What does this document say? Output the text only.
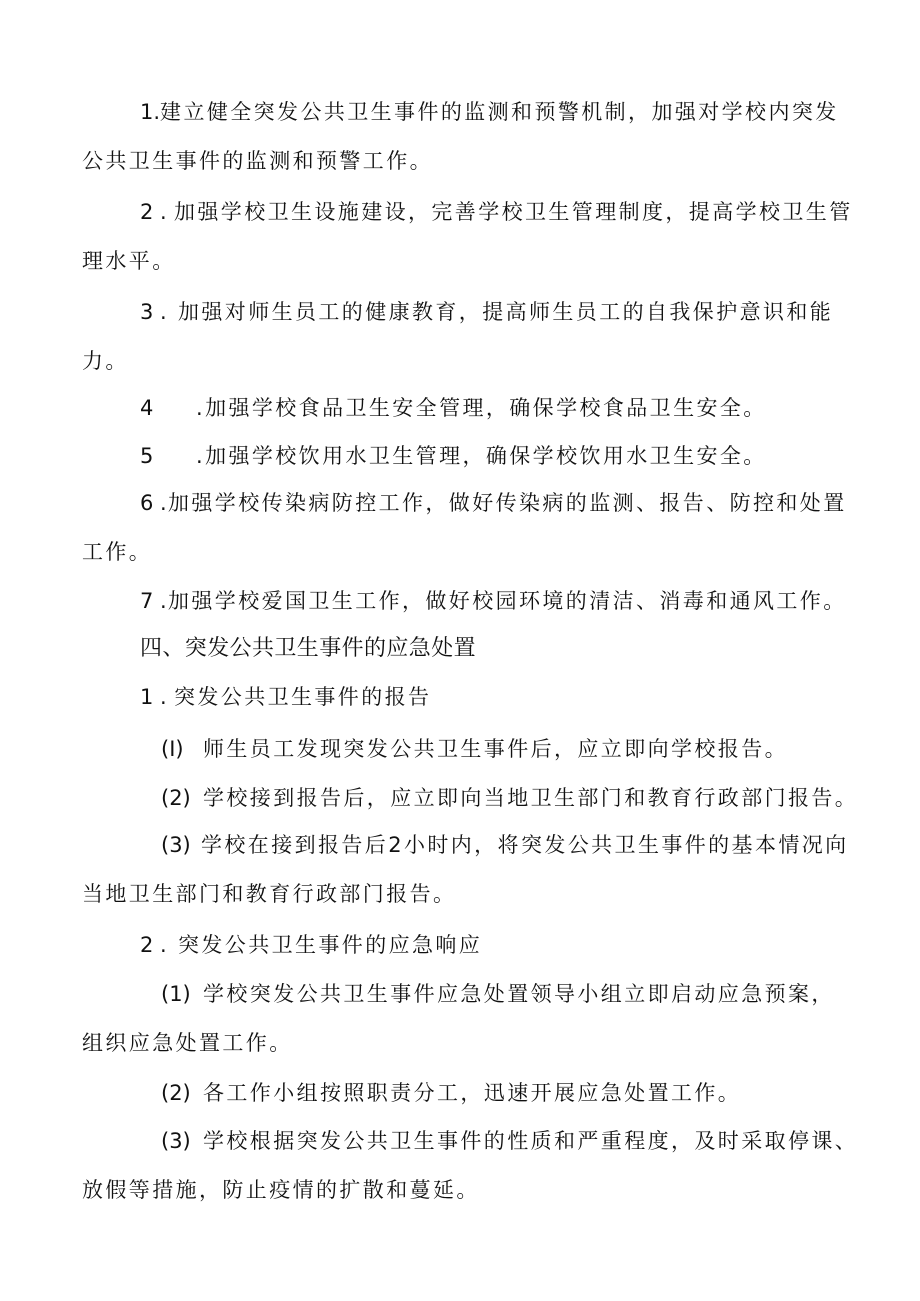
1.建立健全突发公共卫生事件的监测和预警机制，加强对学校内突发
公共卫生事件的监测和预警工作。
2 . 加强学校卫生设施建设，完善学校卫生管理制度，提高学校卫生管
理水平。
3 . 加强对师生员工的健康教育，提高师生员工的自我保护意识和能
力。
4 .加强学校食品卫生安全管理，确保学校食品卫生安全。
5 .加强学校饮用水卫生管理，确保学校饮用水卫生安全。
6 .加强学校传染病防控工作，做好传染病的监测、报告、防控和处置
工作。
7 .加强学校爱国卫生工作，做好校园环境的清洁、消毒和通风工作。
四、突发公共卫生事件的应急处置
1 . 突发公共卫生事件的报告
(I) 师生员工发现突发公共卫生事件后，应立即向学校报告。
(2) 学校接到报告后，应立即向当地卫生部门和教育行政部门报告。
(3) 学校在接到报告后2小时内，将突发公共卫生事件的基本情况向
当地卫生部门和教育行政部门报告。
2 . 突发公共卫生事件的应急响应
(1) 学校突发公共卫生事件应急处置领导小组立即启动应急预案，
组织应急处置工作。
(2) 各工作小组按照职责分工，迅速开展应急处置工作。
(3) 学校根据突发公共卫生事件的性质和严重程度，及时采取停课、
放假等措施，防止疫情的扩散和蔓延。
